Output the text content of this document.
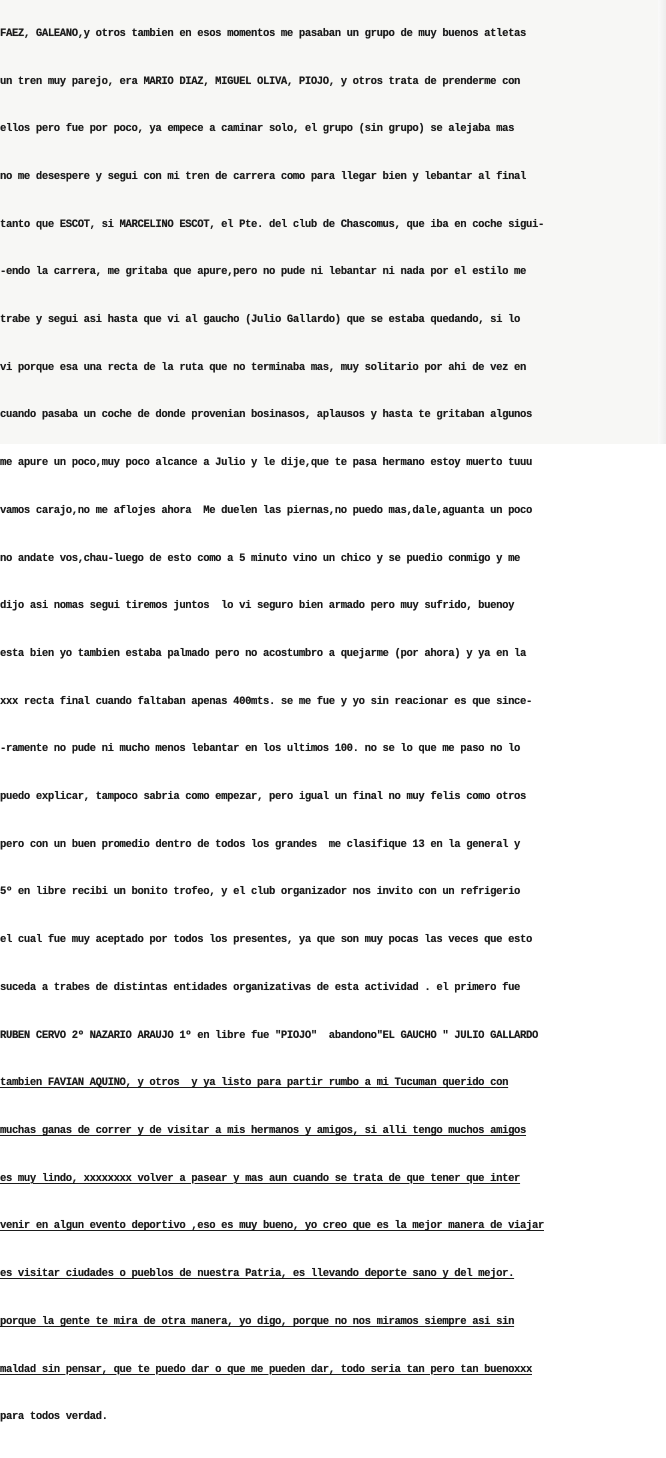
FAEZ, GALEANO,y otros tambien en esos momentos me pasaban un grupo de muy buenos atletas

un tren muy parejo, era MARIO DIAZ, MIGUEL OLIVA, PIOJO, y otros trata de prenderme con

ellos pero fue por poco, ya empece a caminar solo, el grupo (sin grupo) se alejaba mas

no me desespere y segui con mi tren de carrera como para llegar bien y lebantar al final

tanto que ESCOT, si MARCELINO ESCOT, el Pte. del club de Chascomus, que iba en coche sigui-

-endo la carrera, me gritaba que apure,pero no pude ni lebantar ni nada por el estilo me

trabe y segui asi hasta que vi al gaucho (Julio Gallardo) que se estaba quedando, si lo

vi porque esa una recta de la ruta que no terminaba mas, muy solitario por ahi de vez en

cuando pasaba un coche de donde provenian bosinasos, aplausos y hasta te gritaban algunos

me apure un poco,muy poco alcance a Julio y le dije,que te pasa hermano estoy muerto tuuu

vamos carajo,no me aflojes ahora  Me duelen las piernas,no puedo mas,dale,aguanta un poco

no andate vos,chau-luego de esto como a 5 minuto vino un chico y se puedio conmigo y me

dijo asi nomas segui tiremos juntos  lo vi seguro bien armado pero muy sufrido, buenoy

esta bien yo tambien estaba palmado pero no acostumbro a quejarme (por ahora) y ya en la

xxx recta final cuando faltaban apenas 400mts. se me fue y yo sin reacionar es que since-

-ramente no pude ni mucho menos lebantar en los ultimos 100. no se lo que me paso no lo

puedo explicar, tampoco sabria como empezar, pero igual un final no muy felis como otros

pero con un buen promedio dentro de todos los grandes  me clasifique 13 en la general y

5º en libre recibi un bonito trofeo, y el club organizador nos invito con un refrigerio

el cual fue muy aceptado por todos los presentes, ya que son muy pocas las veces que esto

suceda a trabes de distintas entidades organizativas de esta actividad . el primero fue

RUBEN CERVO 2º NAZARIO ARAUJO 1º en libre fue "PIOJO"  abandono"EL GAUCHO " JULIO GALLARDO

tambien FAVIAN AQUINO, y otros  y ya listo para partir rumbo a mi Tucuman querido con

muchas ganas de correr y de visitar a mis hermanos y amigos, si alli tengo muchos amigos

es muy lindo, xxxxxxxx volver a pasear y mas aun cuando se trata de que tener que inter

venir en algun evento deportivo ,eso es muy bueno, yo creo que es la mejor manera de viajar

es visitar ciudades o pueblos de nuestra Patria, es llevando deporte sano y del mejor.

porque la gente te mira de otra manera, yo digo, porque no nos miramos siempre asi sin

maldad sin pensar, que te puedo dar o que me pueden dar, todo seria tan pero tan buenoxxx

para todos verdad.
